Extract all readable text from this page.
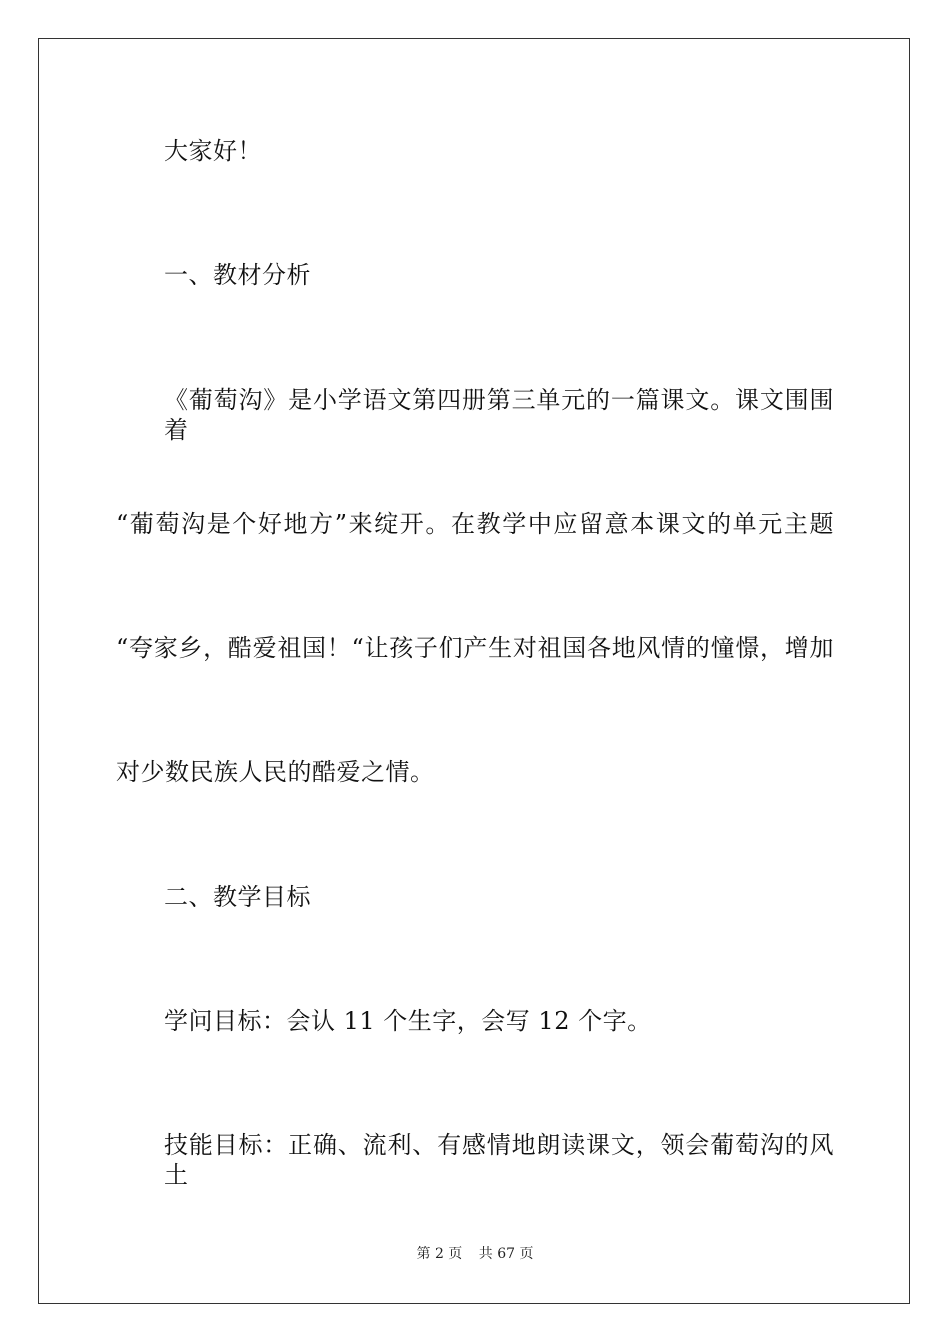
大家好！
一、教材分析
《葡萄沟》是小学语文第四册第三单元的一篇课文。课文围围着
“葡萄沟是个好地方”来绽开。在教学中应留意本课文的单元主题
“夸家乡，酷爱祖国！“让孩子们产生对祖国各地风情的憧憬，增加
对少数民族人民的酷爱之情。
二、教学目标
学问目标：会认 11 个生字，会写 12 个字。
技能目标：正确、流利、有感情地朗读课文，领会葡萄沟的风土
第 2 页 共 67 页
